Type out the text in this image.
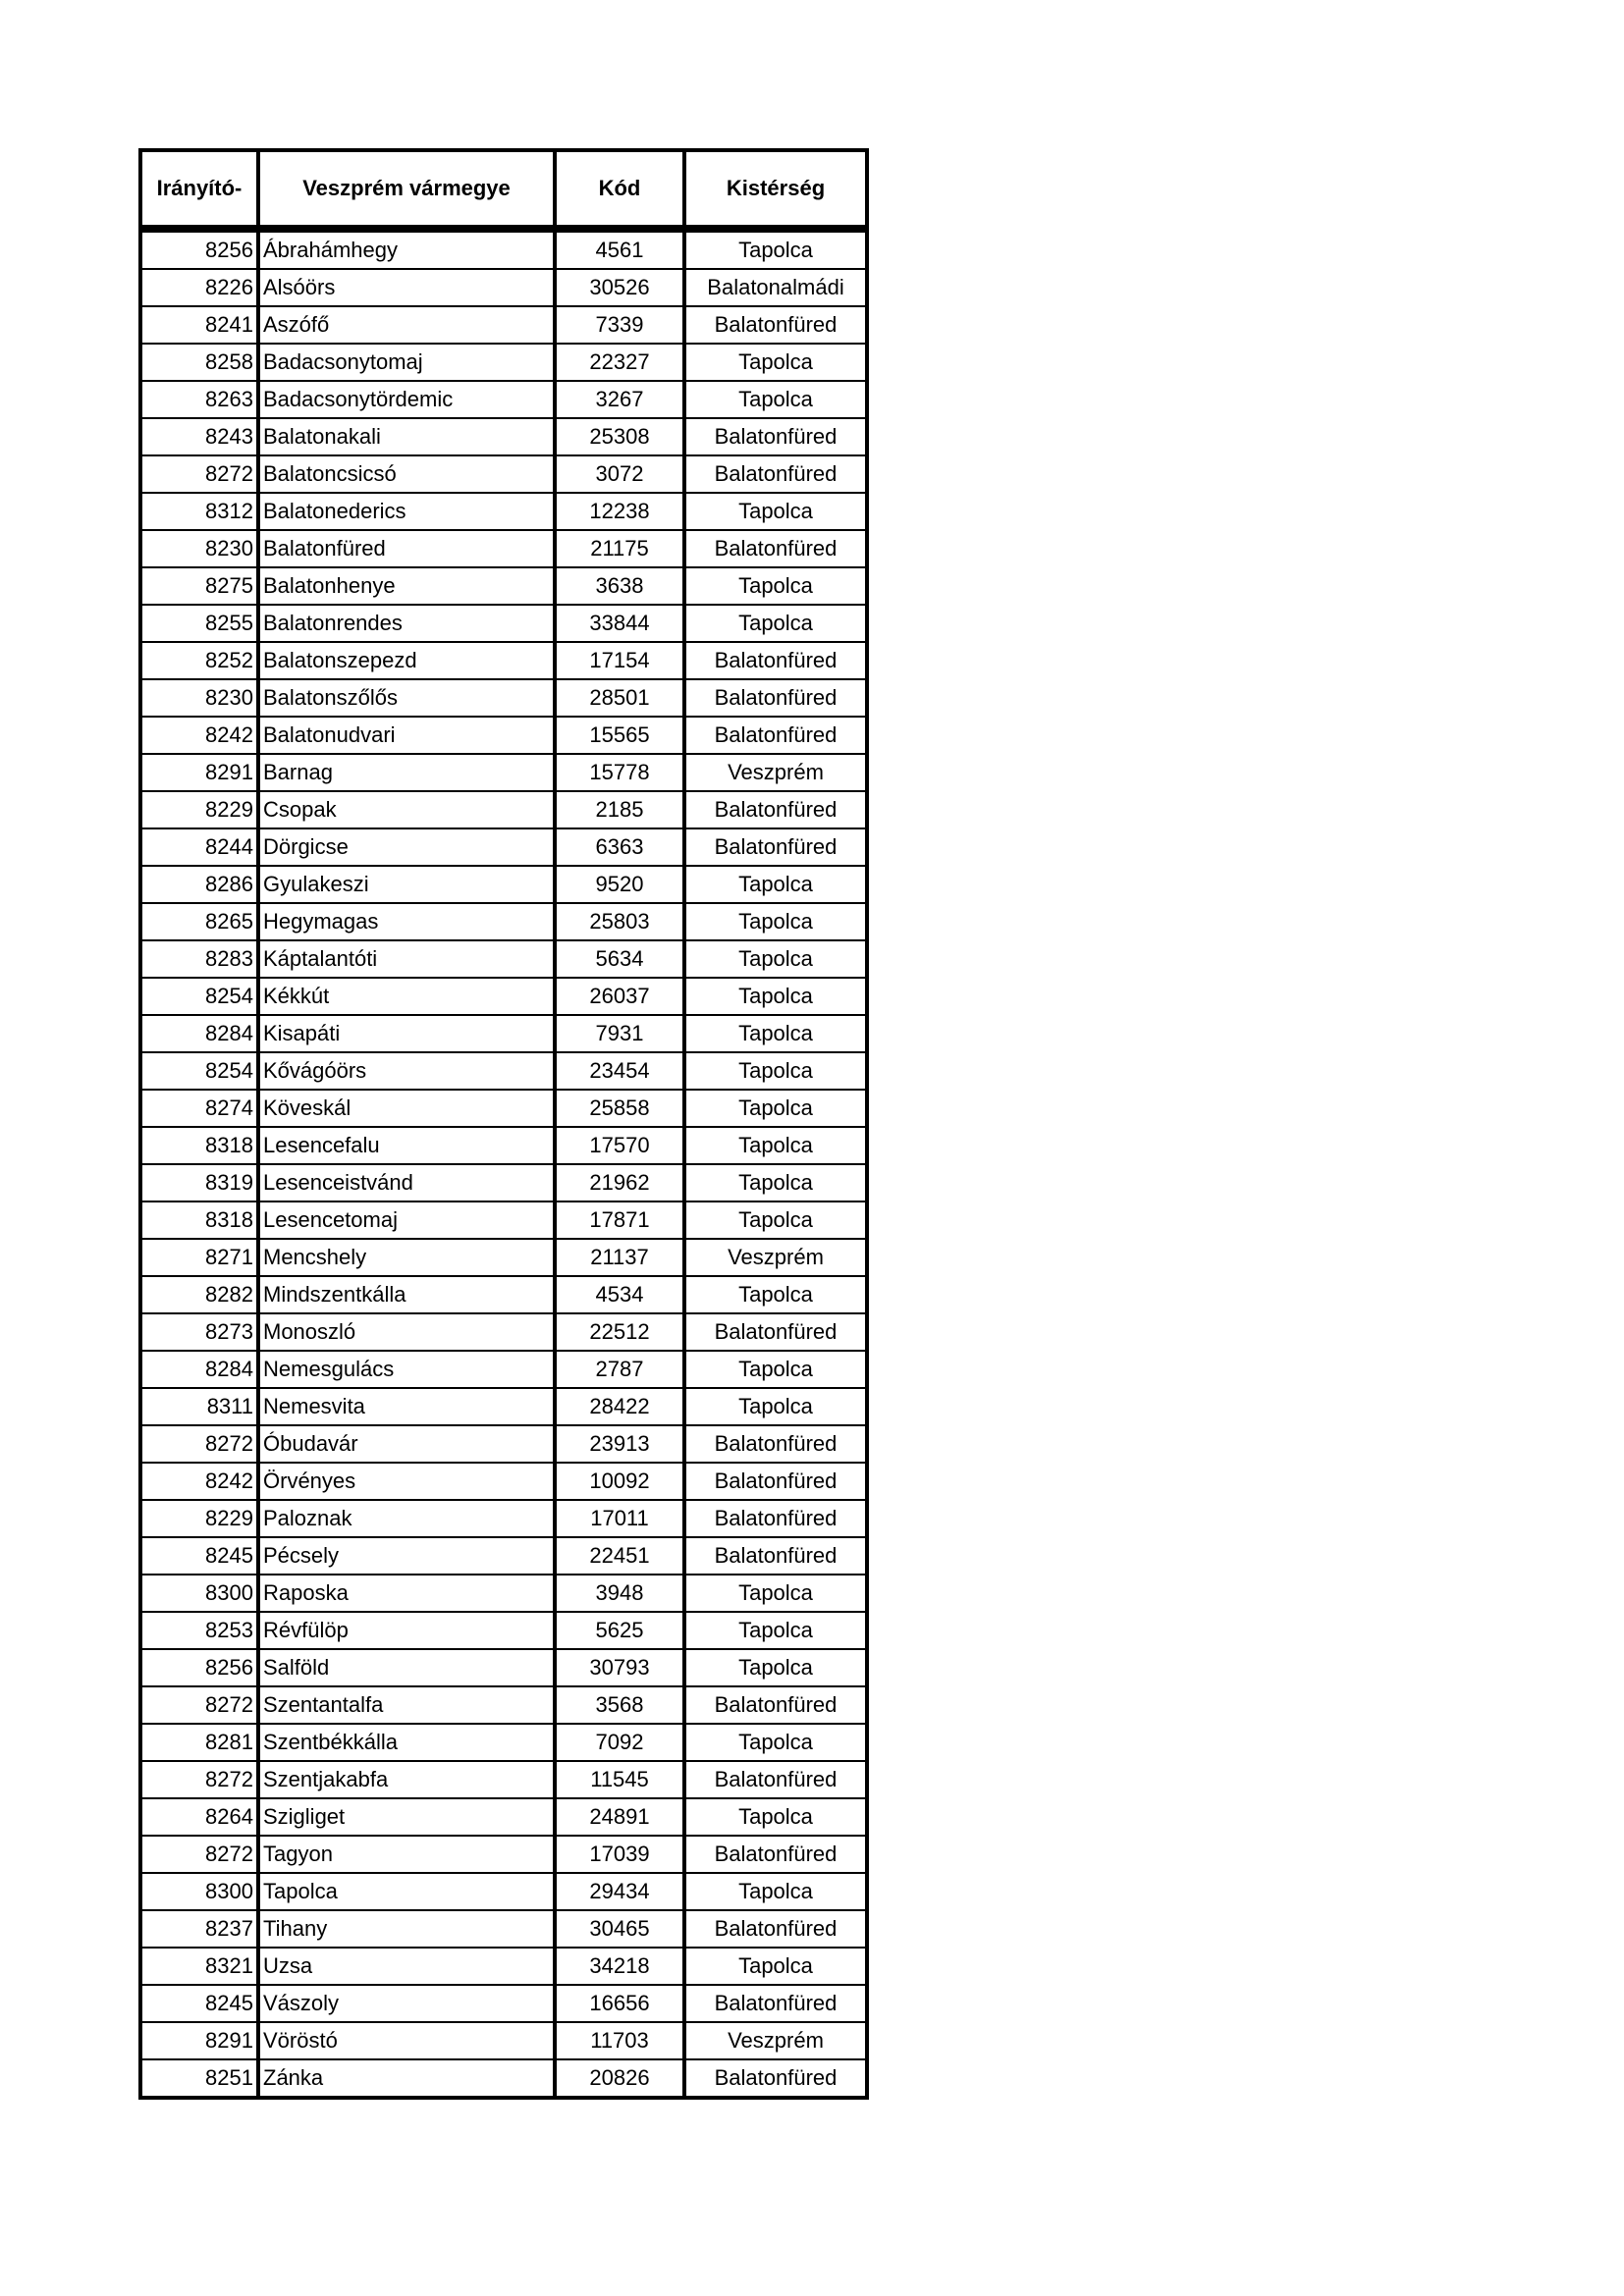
Irányító-	Veszprém vármegye	Kód	Kistérség
8256	Ábrahámhegy	4561	Tapolca
8226	Alsóörs	30526	Balatonalmádi
8241	Aszófő	7339	Balatonfüred
8258	Badacsonytomaj	22327	Tapolca
8263	Badacsonytördemic	3267	Tapolca
8243	Balatonakali	25308	Balatonfüred
8272	Balatoncsicsó	3072	Balatonfüred
8312	Balatonederics	12238	Tapolca
8230	Balatonfüred	21175	Balatonfüred
8275	Balatonhenye	3638	Tapolca
8255	Balatonrendes	33844	Tapolca
8252	Balatonszepezd	17154	Balatonfüred
8230	Balatonszőlős	28501	Balatonfüred
8242	Balatonudvari	15565	Balatonfüred
8291	Barnag	15778	Veszprém
8229	Csopak	2185	Balatonfüred
8244	Dörgicse	6363	Balatonfüred
8286	Gyulakeszi	9520	Tapolca
8265	Hegymagas	25803	Tapolca
8283	Káptalantóti	5634	Tapolca
8254	Kékkút	26037	Tapolca
8284	Kisapáti	7931	Tapolca
8254	Kővágóörs	23454	Tapolca
8274	Köveskál	25858	Tapolca
8318	Lesencefalu	17570	Tapolca
8319	Lesenceistvánd	21962	Tapolca
8318	Lesencetomaj	17871	Tapolca
8271	Mencshely	21137	Veszprém
8282	Mindszentkálla	4534	Tapolca
8273	Monoszló	22512	Balatonfüred
8284	Nemesgulács	2787	Tapolca
8311	Nemesvita	28422	Tapolca
8272	Óbudavár	23913	Balatonfüred
8242	Örvényes	10092	Balatonfüred
8229	Paloznak	17011	Balatonfüred
8245	Pécsely	22451	Balatonfüred
8300	Raposka	3948	Tapolca
8253	Révfülöp	5625	Tapolca
8256	Salföld	30793	Tapolca
8272	Szentantalfa	3568	Balatonfüred
8281	Szentbékkálla	7092	Tapolca
8272	Szentjakabfa	11545	Balatonfüred
8264	Szigliget	24891	Tapolca
8272	Tagyon	17039	Balatonfüred
8300	Tapolca	29434	Tapolca
8237	Tihany	30465	Balatonfüred
8321	Uzsa	34218	Tapolca
8245	Vászoly	16656	Balatonfüred
8291	Vöröstó	11703	Veszprém
8251	Zánka	20826	Balatonfüred
